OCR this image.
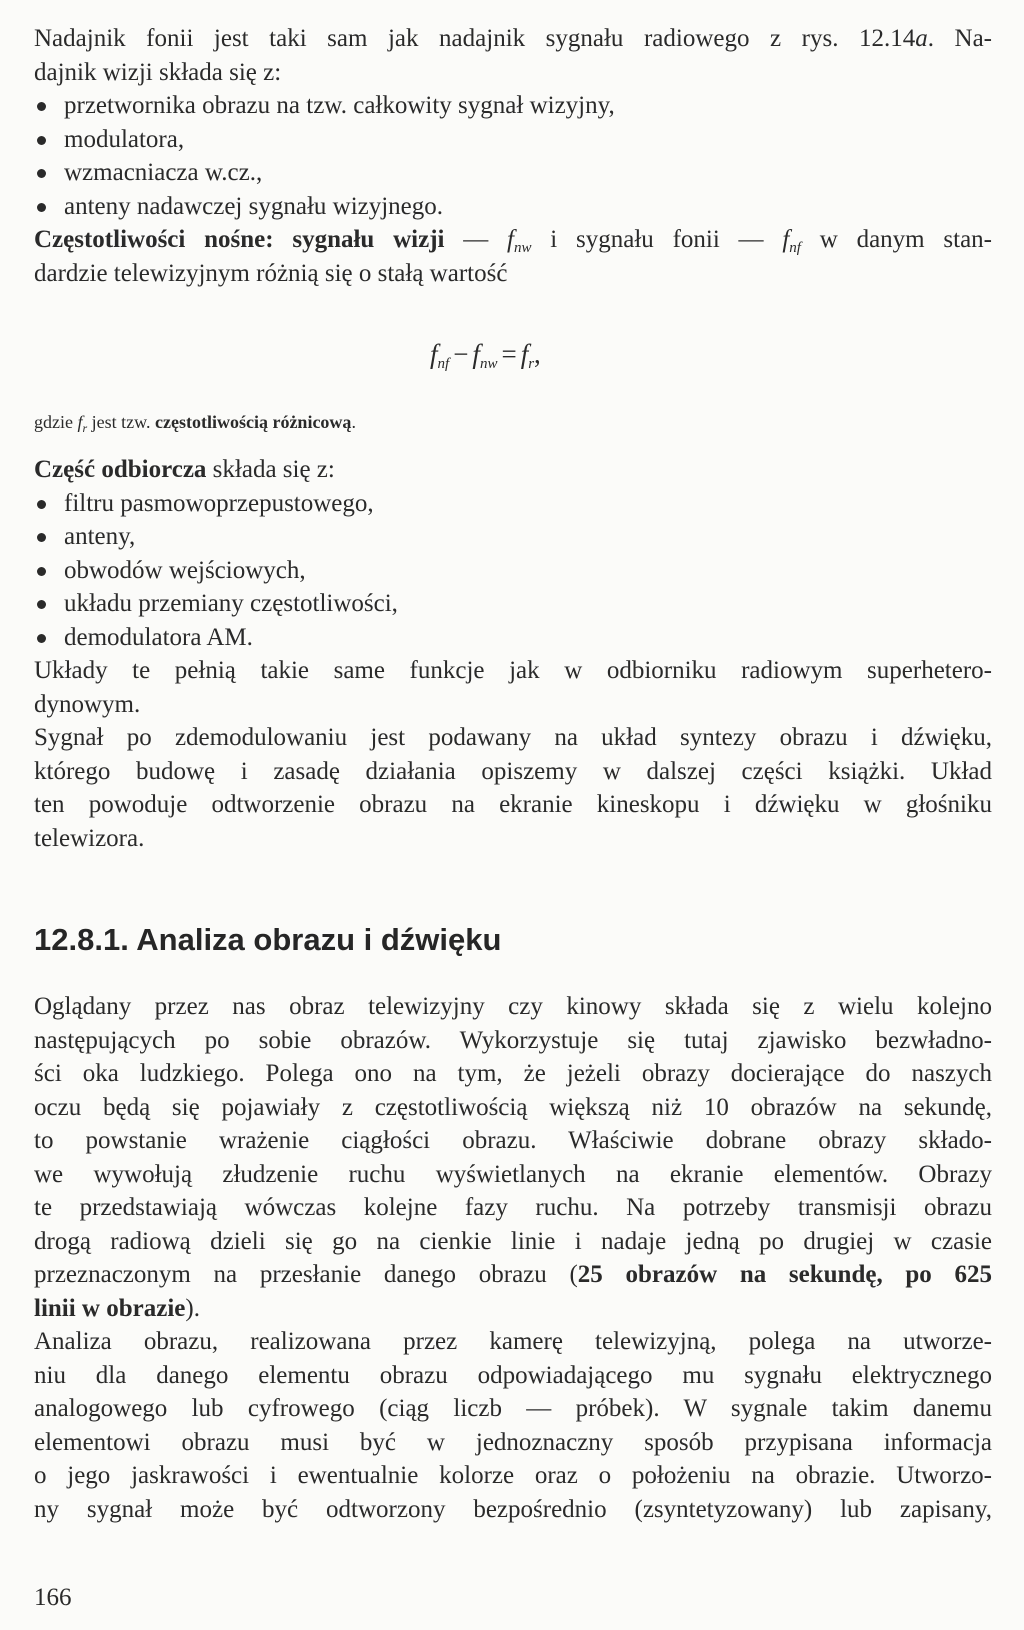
Nadajnik fonii jest taki sam jak nadajnik sygnału radiowego z rys. 12.14a. Na-

dajnik wizji składa się z:

przetwornika obrazu na tzw. całkowity sygnał wizyjny,
modulatora,
wzmacniacza w.cz.,
anteny nadawczej sygnału wizyjnego.

Częstotliwości nośne: sygnału wizji — $f_{nw}$ i sygnału fonii — $f_{nf}$ w danym stan-

dardzie telewizyjnym różnią się o stałą wartość

$f_{nf} - f_{nw} = f_r$,
gdzie $f_r$ jest tzw. częstotliwością różnicową.

Część odbiorcza składa się z:

filtru pasmowoprzepustowego,
anteny,
obwodów wejściowych,
układu przemiany częstotliwości,
demodulatora AM.

Układy te pełnią takie same funkcje jak w odbiorniku radiowym superhetero-

dynowym.

Sygnał po zdemodulowaniu jest podawany na układ syntezy obrazu i dźwięku,

którego budowę i zasadę działania opiszemy w dalszej części książki. Układ

ten powoduje odtworzenie obrazu na ekranie kineskopu i dźwięku w głośniku

telewizora.

12.8.1. Analiza obrazu i dźwięku

Oglądany przez nas obraz telewizyjny czy kinowy składa się z wielu kolejno

następujących po sobie obrazów. Wykorzystuje się tutaj zjawisko bezwładno-

ści oka ludzkiego. Polega ono na tym, że jeżeli obrazy docierające do naszych

oczu będą się pojawiały z częstotliwością większą niż 10 obrazów na sekundę,

to powstanie wrażenie ciągłości obrazu. Właściwie dobrane obrazy składo-

we wywołują złudzenie ruchu wyświetlanych na ekranie elementów. Obrazy

te przedstawiają wówczas kolejne fazy ruchu. Na potrzeby transmisji obrazu

drogą radiową dzieli się go na cienkie linie i nadaje jedną po drugiej w czasie

przeznaczonym na przesłanie danego obrazu (25 obrazów na sekundę, po 625

linii w obrazie).

Analiza obrazu, realizowana przez kamerę telewizyjną, polega na utworze-

niu dla danego elementu obrazu odpowiadającego mu sygnału elektrycznego

analogowego lub cyfrowego (ciąg liczb — próbek). W sygnale takim danemu

elementowi obrazu musi być w jednoznaczny sposób przypisana informacja

o jego jaskrawości i ewentualnie kolorze oraz o położeniu na obrazie. Utworzo-

ny sygnał może być odtworzony bezpośrednio (zsyntetyzowany) lub zapisany,

166
